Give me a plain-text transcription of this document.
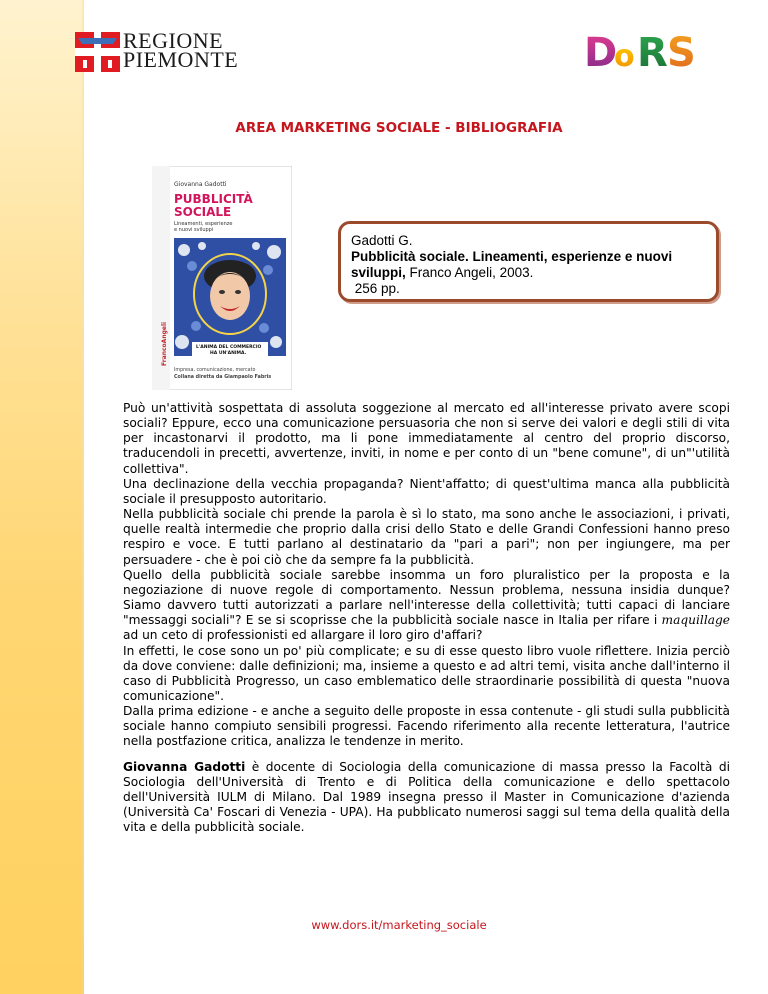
REGIONE
PIEMONTE	D
o R S
AREA MARKETING SOCIALE - BIBLIOGRAFIA
Giovanna Gadotti
PUBBLICITÀ
SOCIALE
Lineamenti, esperienze
e nuovi sviluppi
L'ANIMA DEL COMMERCIO
HA UN'ANIMA.
FrancoAngeli
Impresa, comunicazione, mercato
Collana diretta da Giampaolo Fabris
Gadotti G.
Pubblicità sociale. Lineamenti, esperienze e nuovi sviluppi, Franco Angeli, 2003.
256 pp.

Può un'attività sospettata di assoluta soggezione al mercato ed all'interesse privato avere scopi sociali? Eppure, ecco una comunicazione persuasoria che non si serve dei valori e degli stili di vita per incastonarvi il prodotto, ma li pone immediatamente al centro del proprio discorso, traducendoli in precetti, avvertenze, inviti, in nome e per conto di un "bene comune", di un"'utilità collettiva".

Una declinazione della vecchia propaganda? Nient'affatto; di quest'ultima manca alla pubblicità sociale il presupposto autoritario.

Nella pubblicità sociale chi prende la parola è sì lo stato, ma sono anche le associazioni, i privati, quelle realtà intermedie che proprio dalla crisi dello Stato e delle Grandi Confessioni hanno preso respiro e voce. E tutti parlano al destinatario da "pari a pari"; non per ingiungere, ma per persuadere - che è poi ciò che da sempre fa la pubblicità.

Quello della pubblicità sociale sarebbe insomma un foro pluralistico per la proposta e la negoziazione di nuove regole di comportamento. Nessun problema, nessuna insidia dunque? Siamo davvero tutti autorizzati a parlare nell'interesse della collettività; tutti capaci di lanciare "messaggi sociali"? E se si scoprisse che la pubblicità sociale nasce in Italia per rifare i maquillage ad un ceto di professionisti ed allargare il loro giro d'affari?

In effetti, le cose sono un po' più complicate; e su di esse questo libro vuole riflettere. Inizia perciò da dove conviene: dalle definizioni; ma, insieme a questo e ad altri temi, visita anche dall'interno il caso di Pubblicità Progresso, un caso emblematico delle straordinarie possibilità di questa "nuova comunicazione".

Dalla prima edizione - e anche a seguito delle proposte in essa contenute - gli studi sulla pubblicità sociale hanno compiuto sensibili progressi. Facendo riferimento alla recente letteratura, l'autrice nella postfazione critica, analizza le tendenze in merito.

Giovanna Gadotti è docente di Sociologia della comunicazione di massa presso la Facoltà di Sociologia dell'Università di Trento e di Politica della comunicazione e dello spettacolo dell'Università IULM di Milano. Dal 1989 insegna presso il Master in Comunicazione d'azienda (Università Ca' Foscari di Venezia - UPA). Ha pubblicato numerosi saggi sul tema della qualità della vita e della pubblicità sociale.

www.dors.it/marketing_sociale
